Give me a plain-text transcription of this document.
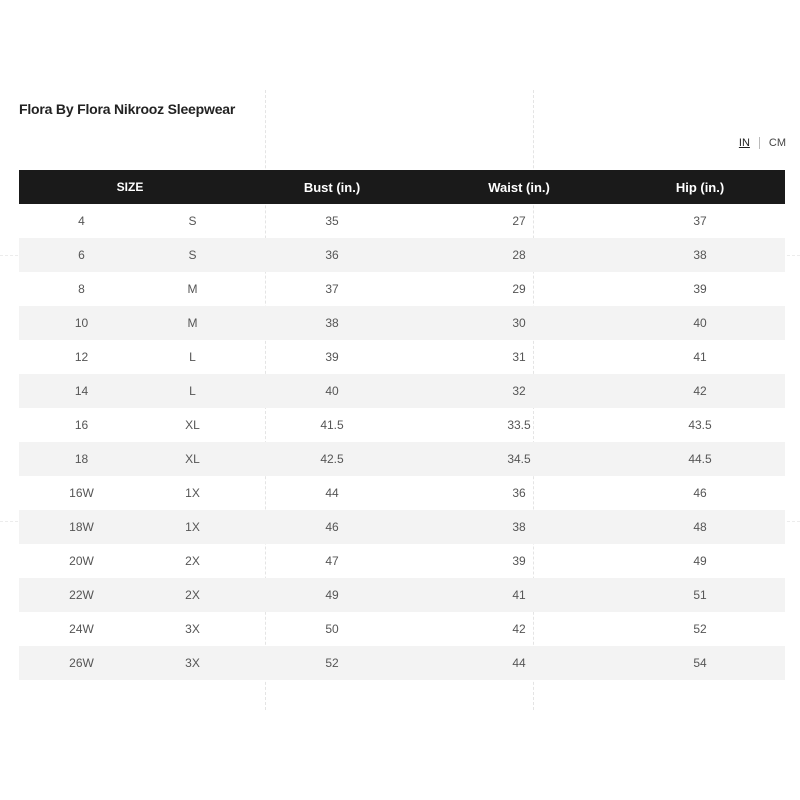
Flora By Flora Nikrooz Sleepwear
IN CM
SIZE		Bust (in.)	Waist (in.)	Hip (in.)
4	S	35	27	37
6	S	36	28	38
8	M	37	29	39
10	M	38	30	40
12	L	39	31	41
14	L	40	32	42
16	XL	41.5	33.5	43.5
18	XL	42.5	34.5	44.5
16W	1X	44	36	46
18W	1X	46	38	48
20W	2X	47	39	49
22W	2X	49	41	51
24W	3X	50	42	52
26W	3X	52	44	54
